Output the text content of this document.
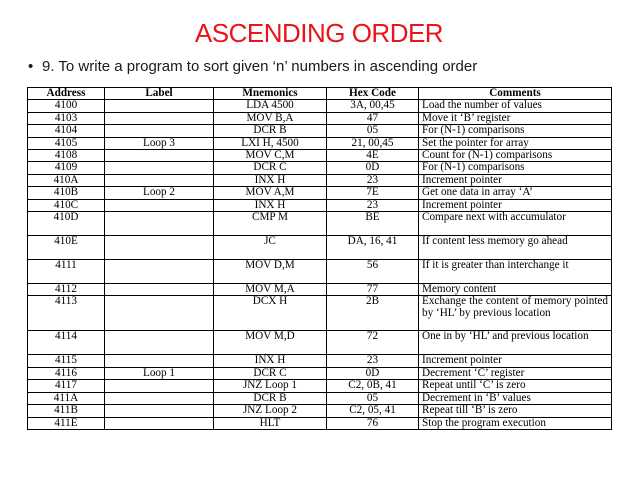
ASCENDING ORDER
• 9. To write a program to sort given ‘n’ numbers in ascending order
Address	Label	Mnemonics	Hex Code	Comments
4100		LDA 4500	3A, 00,45	Load the number of values
4103		MOV B,A	47	Move it ‘B’ register
4104		DCR B	05	For (N-1) comparisons
4105	Loop 3	LXI H, 4500	21, 00,45	Set the pointer for array
4108		MOV C,M	4E	Count for (N-1) comparisons
4109		DCR C	0D	For (N-1) comparisons
410A		INX H	23	Increment pointer
410B	Loop 2	MOV A,M	7E	Get one data in array ‘A’
410C		INX H	23	Increment pointer
410D		CMP M	BE	Compare next with accumulator
410E		JC	DA, 16, 41	If content less memory go ahead
4111		MOV D,M	56	If it is greater than interchange it
4112		MOV M,A	77	Memory content
4113		DCX H	2B	Exchange the content of memory pointed by ‘HL’ by previous location
4114		MOV M,D	72	One in by ‘HL’ and previous location
4115		INX H	23	Increment pointer
4116	Loop 1	DCR C	0D	Decrement ‘C’ register
4117		JNZ Loop 1	C2, 0B, 41	Repeat until ‘C’ is zero
411A		DCR B	05	Decrement in ‘B’ values
411B		JNZ Loop 2	C2, 05, 41	Repeat till ‘B’ is zero
411E		HLT	76	Stop the program execution
